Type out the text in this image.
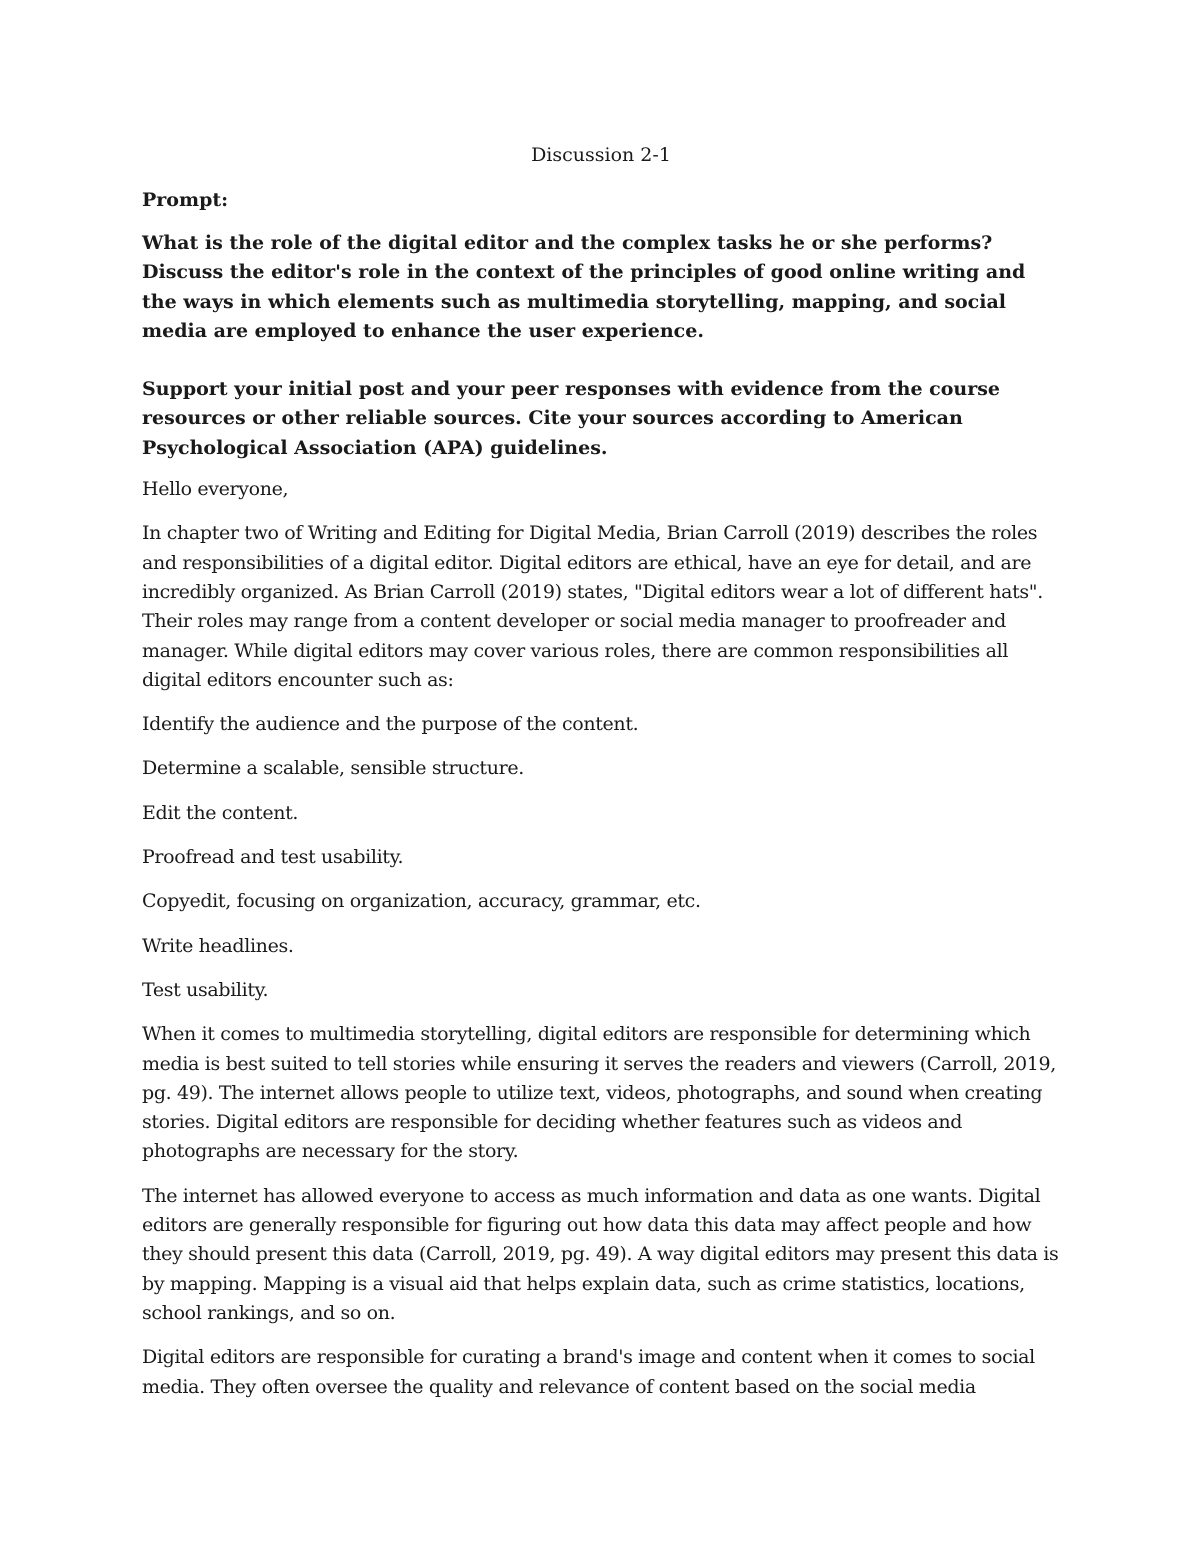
Discussion 2-1
Prompt:
What is the role of the digital editor and the complex tasks he or she performs? Discuss the editor's role in the context of the principles of good online writing and the ways in which elements such as multimedia storytelling, mapping, and social media are employed to enhance the user experience.
Support your initial post and your peer responses with evidence from the course resources or other reliable sources. Cite your sources according to American Psychological Association (APA) guidelines.
Hello everyone,
In chapter two of Writing and Editing for Digital Media, Brian Carroll (2019) describes the roles and responsibilities of a digital editor. Digital editors are ethical, have an eye for detail, and are incredibly organized. As Brian Carroll (2019) states, "Digital editors wear a lot of different hats". Their roles may range from a content developer or social media manager to proofreader and manager. While digital editors may cover various roles, there are common responsibilities all digital editors encounter such as:
Identify the audience and the purpose of the content.
Determine a scalable, sensible structure.
Edit the content.
Proofread and test usability.
Copyedit, focusing on organization, accuracy, grammar, etc.
Write headlines.
Test usability.
When it comes to multimedia storytelling, digital editors are responsible for determining which media is best suited to tell stories while ensuring it serves the readers and viewers (Carroll, 2019, pg. 49). The internet allows people to utilize text, videos, photographs, and sound when creating stories. Digital editors are responsible for deciding whether features such as videos and photographs are necessary for the story.
The internet has allowed everyone to access as much information and data as one wants. Digital editors are generally responsible for figuring out how data this data may affect people and how they should present this data (Carroll, 2019, pg. 49). A way digital editors may present this data is by mapping. Mapping is a visual aid that helps explain data, such as crime statistics, locations, school rankings, and so on.
Digital editors are responsible for curating a brand's image and content when it comes to social media. They often oversee the quality and relevance of content based on the social media
